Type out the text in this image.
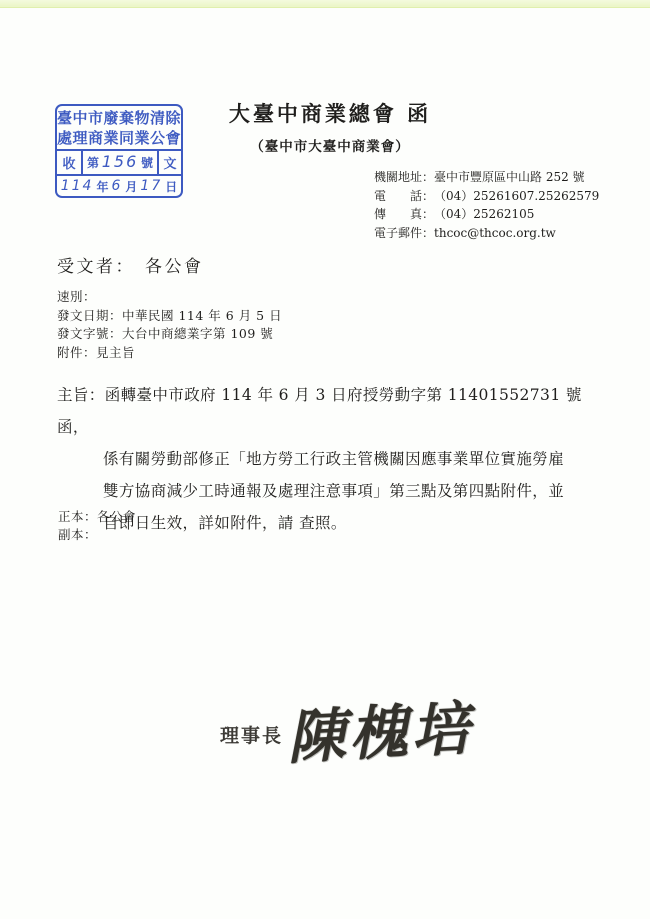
臺中市廢棄物清除
處理商業同業公會
收 第 156 號 文
114 年 6 月 17 日
大臺中商業總會 函
（臺中市大臺中商業會）
機關地址：臺中市豐原區中山路 252 號
電　　話：（04）25261607.25262579
傳　　真：（04）25262105
電子郵件：thcoc@thcoc.org.tw
受文者： 各公會
速別：
發文日期：中華民國 114 年 6 月 5 日
發文字號：大台中商總業字第 109 號
附件：見主旨
主旨：函轉臺中市政府 114 年 6 月 3 日府授勞動字第 11401552731 號函，
係有關勞動部修正「地方勞工行政主管機關因應事業單位實施勞雇
雙方協商減少工時通報及處理注意事項」第三點及第四點附件，並
自即日生效，詳如附件，請 查照。
正本：各公會
副本：
理事長 陳槐培
